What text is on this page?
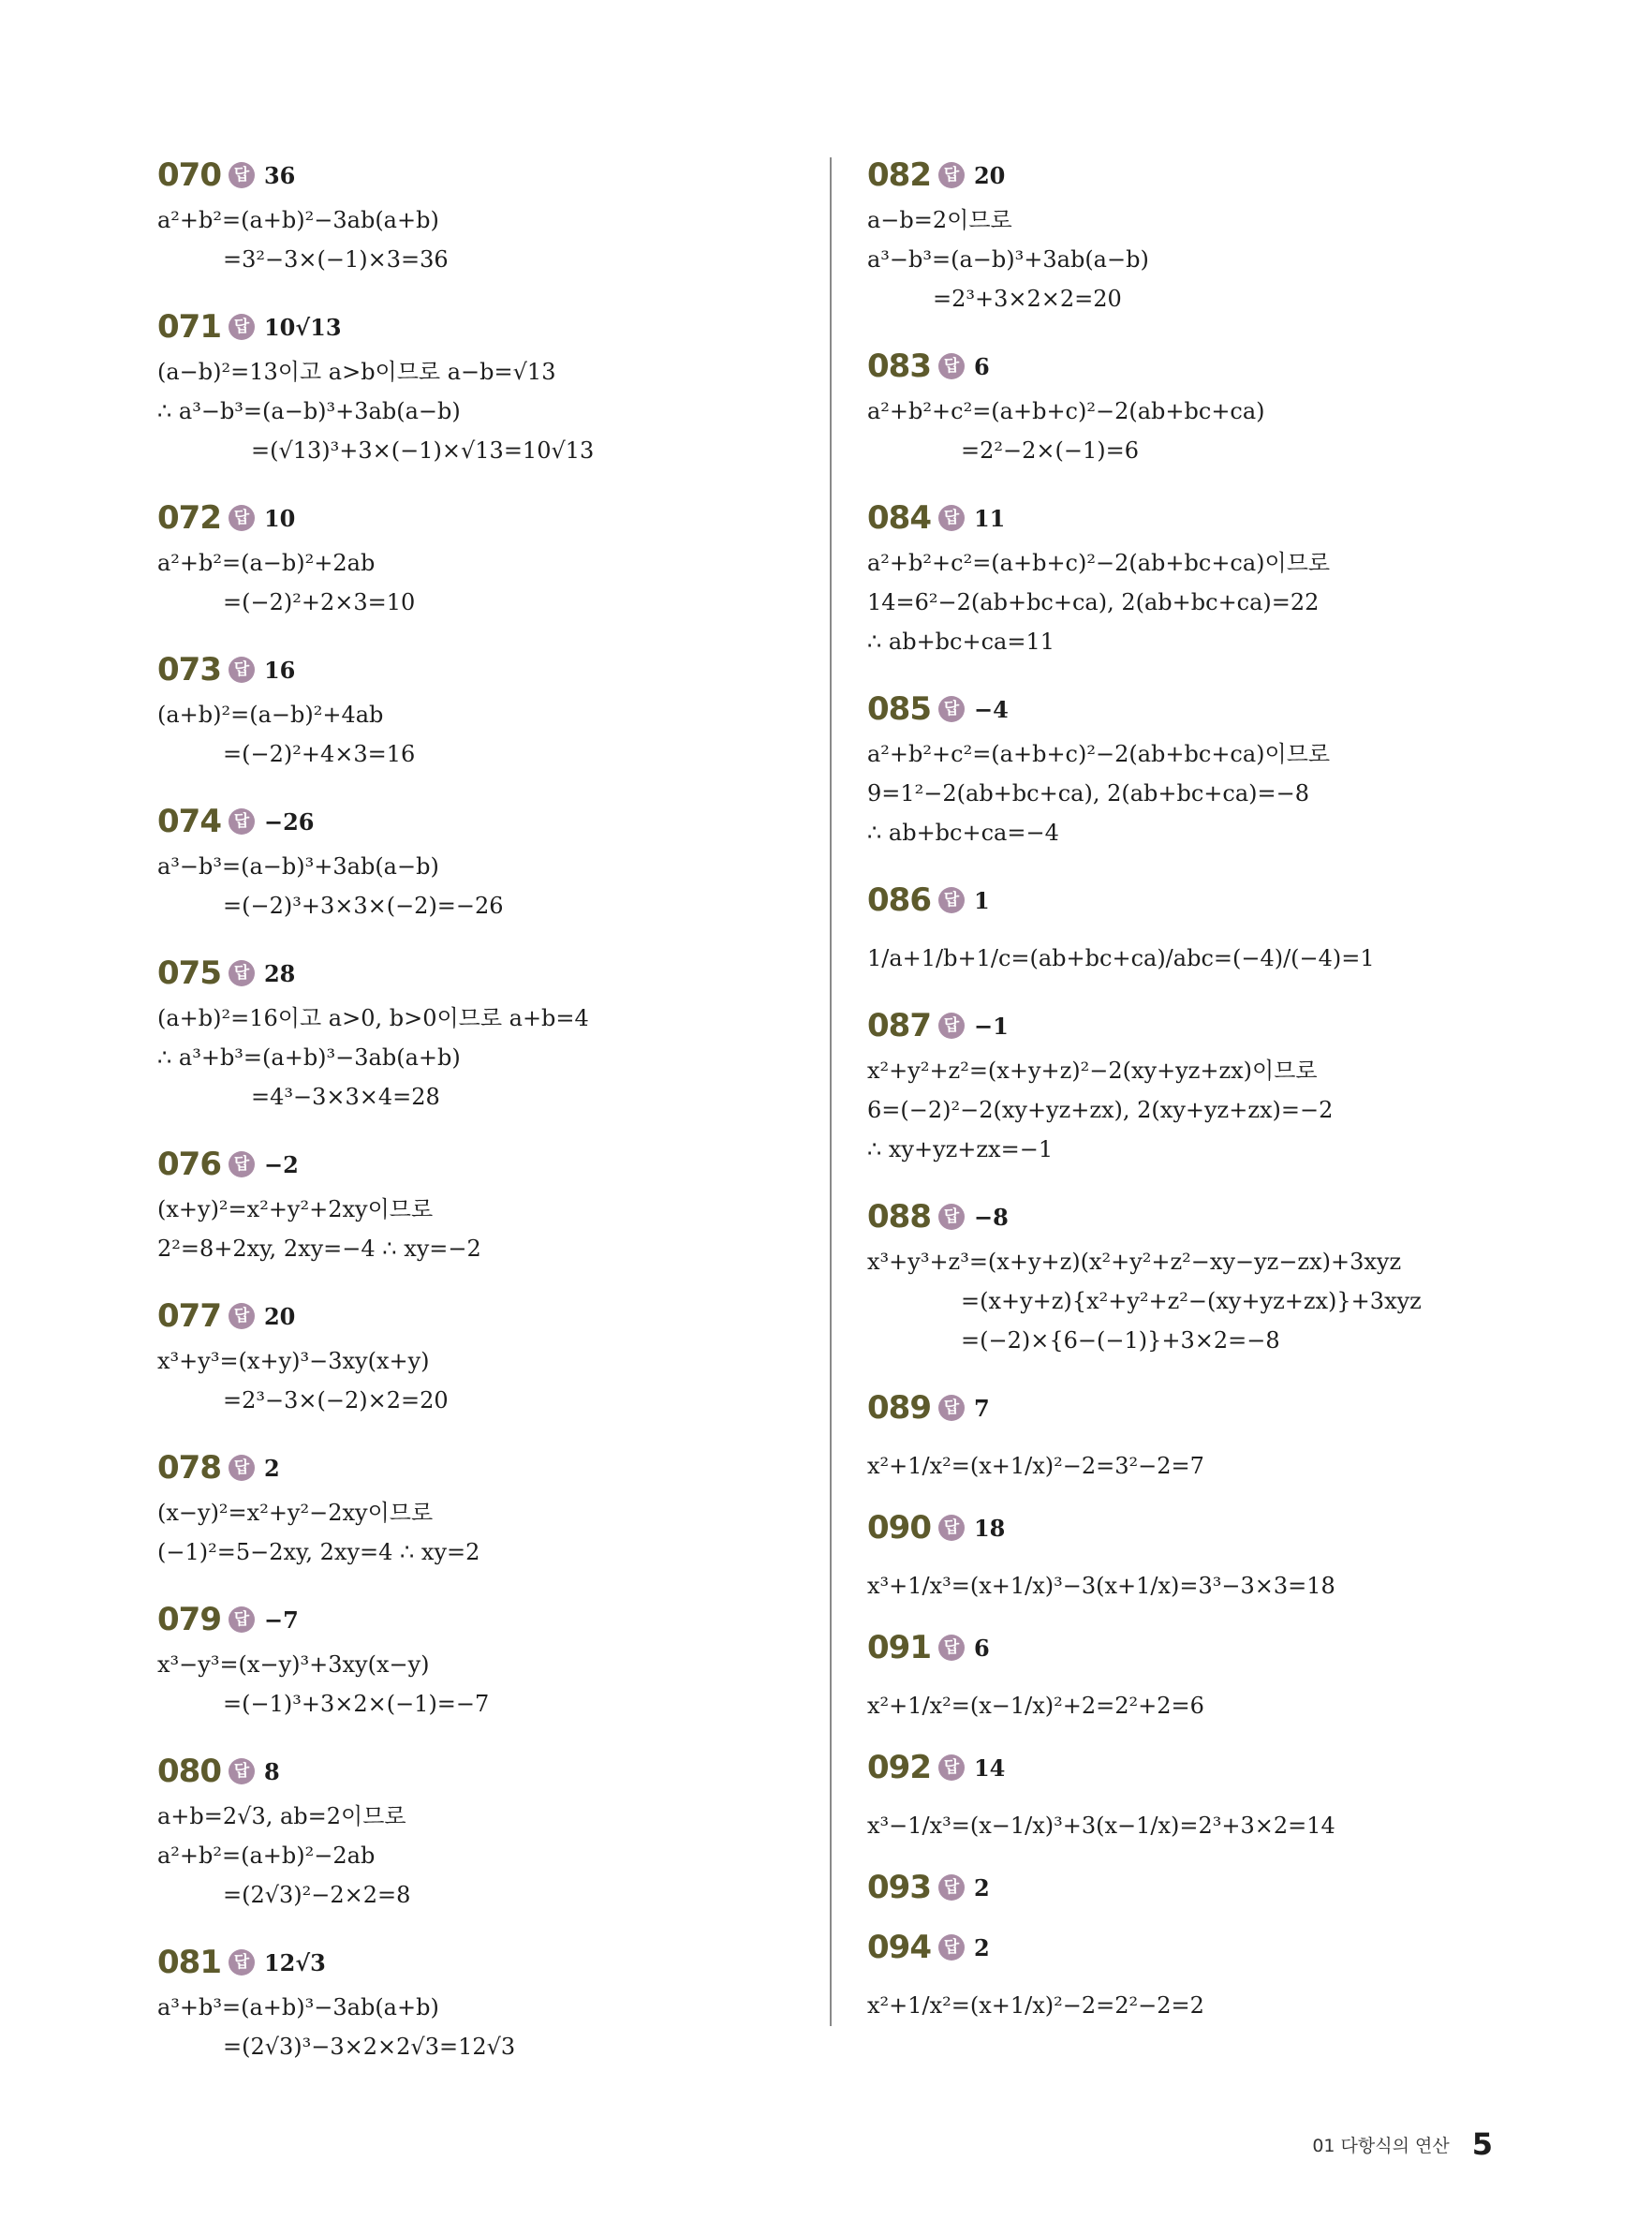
070 답 36
a²+b²=(a+b)²−3ab(a+b)
=3²−3×(−1)×3=36
071 답 10√13
(a−b)²=13이고 a>b이므로 a−b=√13
∴ a³−b³=(a−b)³+3ab(a−b)
=(√13)³+3×(−1)×√13=10√13
072 답 10
a²+b²=(a−b)²+2ab
=(−2)²+2×3=10
073 답 16
(a+b)²=(a−b)²+4ab
=(−2)²+4×3=16
074 답 −26
a³−b³=(a−b)³+3ab(a−b)
=(−2)³+3×3×(−2)=−26
075 답 28
(a+b)²=16이고 a>0, b>0이므로 a+b=4
∴ a³+b³=(a+b)³−3ab(a+b)
=4³−3×3×4=28
076 답 −2
(x+y)²=x²+y²+2xy이므로
2²=8+2xy, 2xy=−4 ∴ xy=−2
077 답 20
x³+y³=(x+y)³−3xy(x+y)
=2³−3×(−2)×2=20
078 답 2
(x−y)²=x²+y²−2xy이므로
(−1)²=5−2xy, 2xy=4 ∴ xy=2
079 답 −7
x³−y³=(x−y)³+3xy(x−y)
=(−1)³+3×2×(−1)=−7
080 답 8
a+b=2√3, ab=2이므로
a²+b²=(a+b)²−2ab
=(2√3)²−2×2=8
081 답 12√3
a³+b³=(a+b)³−3ab(a+b)
=(2√3)³−3×2×2√3=12√3
082 답 20
a−b=2이므로
a³−b³=(a−b)³+3ab(a−b)
=2³+3×2×2=20
083 답 6
a²+b²+c²=(a+b+c)²−2(ab+bc+ca)
=2²−2×(−1)=6
084 답 11
a²+b²+c²=(a+b+c)²−2(ab+bc+ca)이므로
14=6²−2(ab+bc+ca), 2(ab+bc+ca)=22
∴ ab+bc+ca=11
085 답 −4
a²+b²+c²=(a+b+c)²−2(ab+bc+ca)이므로
9=1²−2(ab+bc+ca), 2(ab+bc+ca)=−8
∴ ab+bc+ca=−4
086 답 1
1/a+1/b+1/c=(ab+bc+ca)/abc=(−4)/(−4)=1
087 답 −1
x²+y²+z²=(x+y+z)²−2(xy+yz+zx)이므로
6=(−2)²−2(xy+yz+zx), 2(xy+yz+zx)=−2
∴ xy+yz+zx=−1
088 답 −8
x³+y³+z³=(x+y+z)(x²+y²+z²−xy−yz−zx)+3xyz
=(x+y+z){x²+y²+z²−(xy+yz+zx)}+3xyz
=(−2)×{6−(−1)}+3×2=−8
089 답 7
x²+1/x²=(x+1/x)²−2=3²−2=7
090 답 18
x³+1/x³=(x+1/x)³−3(x+1/x)=3³−3×3=18
091 답 6
x²+1/x²=(x−1/x)²+2=2²+2=6
092 답 14
x³−1/x³=(x−1/x)³+3(x−1/x)=2³+3×2=14
093 답 2
094 답 2
x²+1/x²=(x+1/x)²−2=2²−2=2
01 다항식의 연산 5
